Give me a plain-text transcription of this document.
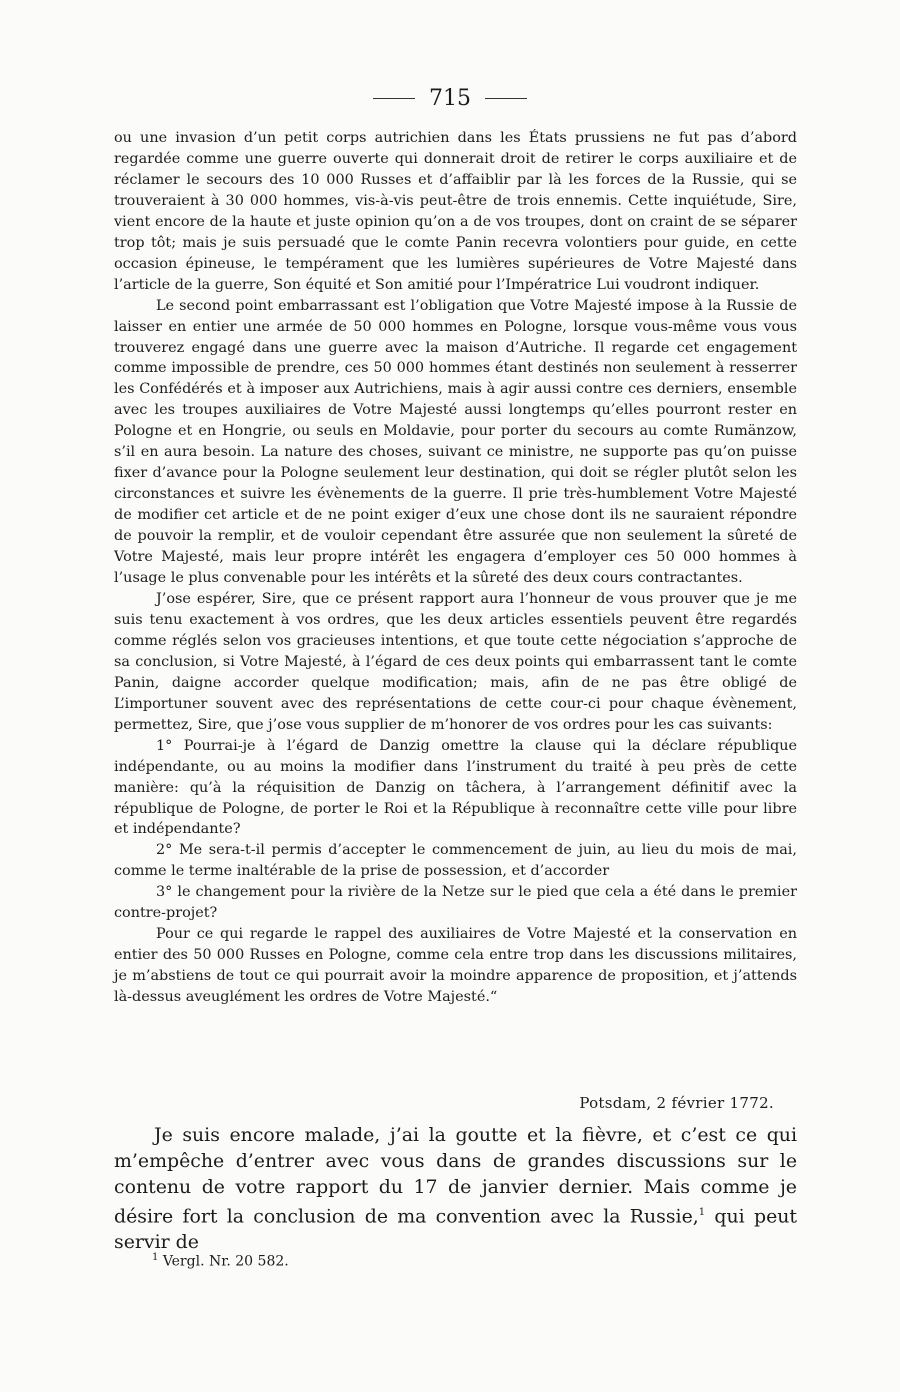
715

ou une invasion d’un petit corps autrichien dans les États prussiens ne fut pas d’abord regardée comme une guerre ouverte qui donnerait droit de retirer le corps auxiliaire et de réclamer le secours des 10 000 Russes et d’affaiblir par là les forces de la Russie, qui se trouveraient à 30 000 hommes, vis-à-vis peut-être de trois ennemis. Cette inquiétude, Sire, vient encore de la haute et juste opinion qu’on a de vos troupes, dont on craint de se séparer trop tôt; mais je suis persuadé que le comte Panin recevra volontiers pour guide, en cette occasion épineuse, le tempérament que les lumières supérieures de Votre Majesté dans l’article de la guerre, Son équité et Son amitié pour l’Impératrice Lui voudront indiquer.

Le second point embarrassant est l’obligation que Votre Majesté impose à la Russie de laisser en entier une armée de 50 000 hommes en Pologne, lorsque vous-même vous vous trouverez engagé dans une guerre avec la maison d’Autriche. Il regarde cet engagement comme impossible de prendre, ces 50 000 hommes étant destinés non seulement à resserrer les Confédérés et à imposer aux Autrichiens, mais à agir aussi contre ces derniers, ensemble avec les troupes auxiliaires de Votre Majesté aussi longtemps qu’elles pourront rester en Pologne et en Hongrie, ou seuls en Moldavie, pour porter du secours au comte Rumänzow, s’il en aura besoin. La nature des choses, suivant ce ministre, ne supporte pas qu’on puisse fixer d’avance pour la Pologne seulement leur destination, qui doit se régler plutôt selon les circonstances et suivre les évènements de la guerre. Il prie très-humblement Votre Majesté de modifier cet article et de ne point exiger d’eux une chose dont ils ne sauraient répondre de pouvoir la remplir, et de vouloir cependant être assurée que non seulement la sûreté de Votre Majesté, mais leur propre intérêt les engagera d’employer ces 50 000 hommes à l’usage le plus convenable pour les intérêts et la sûreté des deux cours contractantes.

J’ose espérer, Sire, que ce présent rapport aura l’honneur de vous prouver que je me suis tenu exactement à vos ordres, que les deux articles essentiels peuvent être regardés comme réglés selon vos gracieuses intentions, et que toute cette négociation s’approche de sa conclusion, si Votre Majesté, à l’égard de ces deux points qui embarrassent tant le comte Panin, daigne accorder quelque modification; mais, afin de ne pas être obligé de L’importuner souvent avec des représentations de cette cour-ci pour chaque évènement, permettez, Sire, que j’ose vous supplier de m’honorer de vos ordres pour les cas suivants:

1° Pourrai-je à l’égard de Danzig omettre la clause qui la déclare république indépendante, ou au moins la modifier dans l’instrument du traité à peu près de cette manière: qu’à la réquisition de Danzig on tâchera, à l’arrangement définitif avec la république de Pologne, de porter le Roi et la République à reconnaître cette ville pour libre et indépendante?

2° Me sera-t-il permis d’accepter le commencement de juin, au lieu du mois de mai, comme le terme inaltérable de la prise de possession, et d’accorder

3° le changement pour la rivière de la Netze sur le pied que cela a été dans le premier contre-projet?

Pour ce qui regarde le rappel des auxiliaires de Votre Majesté et la conservation en entier des 50 000 Russes en Pologne, comme cela entre trop dans les discussions militaires, je m’abstiens de tout ce qui pourrait avoir la moindre apparence de proposition, et j’attends là-dessus aveuglément les ordres de Votre Majesté.“

Potsdam, 2 février 1772.

Je suis encore malade, j’ai la goutte et la fièvre, et c’est ce qui m’empêche d’entrer avec vous dans de grandes discussions sur le contenu de votre rapport du 17 de janvier dernier. Mais comme je désire fort la conclusion de ma convention avec la Russie,$^1$ qui peut servir de

$^1$ Vergl. Nr. 20 582.
